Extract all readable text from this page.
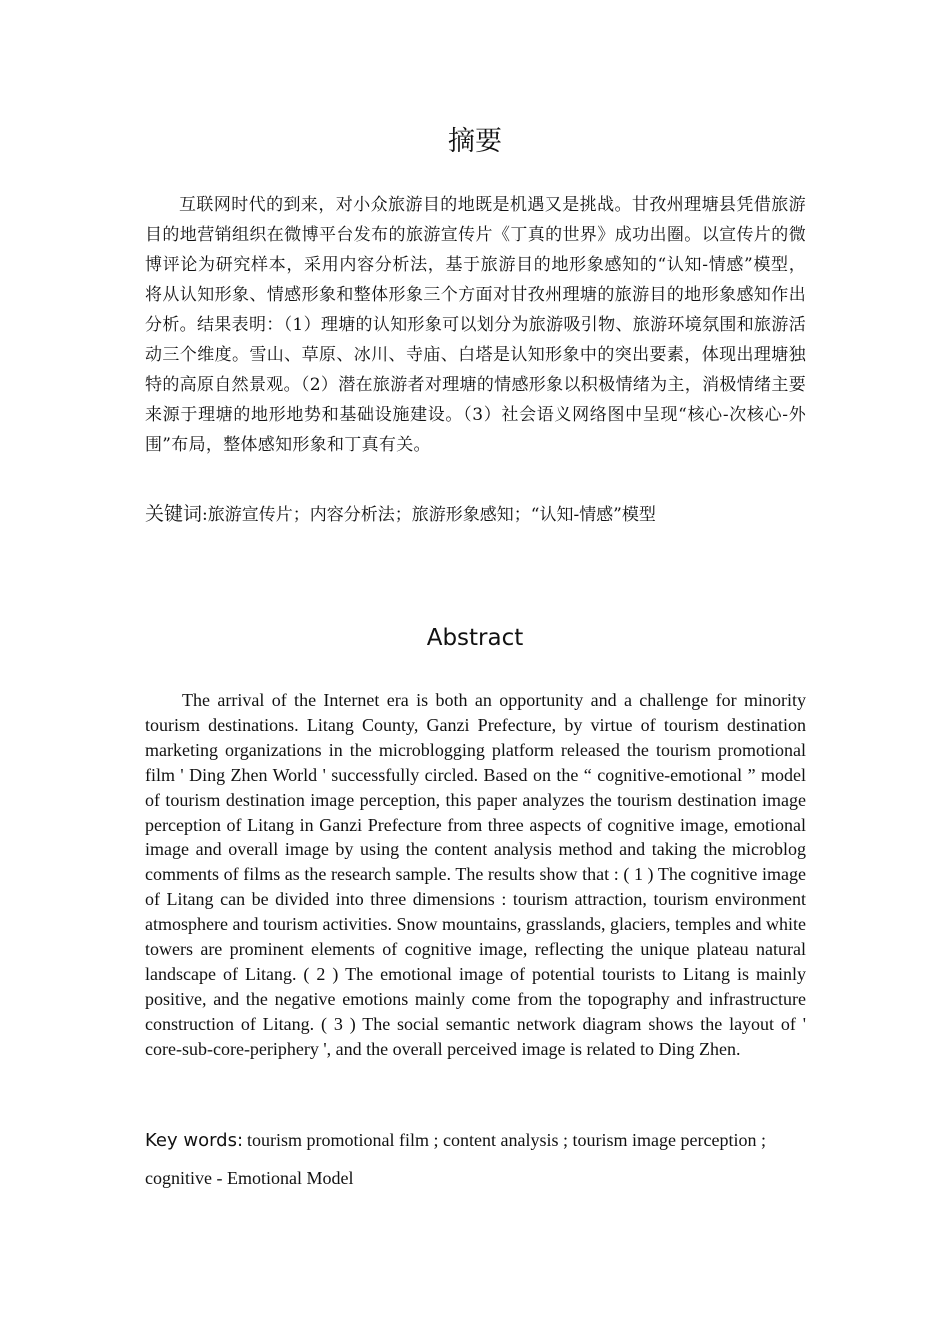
摘要

互联网时代的到来，对小众旅游目的地既是机遇又是挑战。甘孜州理塘县凭借旅游目的地营销组织在微博平台发布的旅游宣传片《丁真的世界》成功出圈。以宣传片的微博评论为研究样本，采用内容分析法，基于旅游目的地形象感知的“认知-情感”模型，将从认知形象、情感形象和整体形象三个方面对甘孜州理塘的旅游目的地形象感知作出分析。结果表明：（1）理塘的认知形象可以划分为旅游吸引物、旅游环境氛围和旅游活动三个维度。雪山、草原、冰川、寺庙、白塔是认知形象中的突出要素，体现出理塘独特的高原自然景观。（2）潜在旅游者对理塘的情感形象以积极情绪为主，消极情绪主要来源于理塘的地形地势和基础设施建设。（3）社会语义网络图中呈现“核心-次核心-外围”布局，整体感知形象和丁真有关。

关键词:旅游宣传片；内容分析法；旅游形象感知；“认知-情感”模型

Abstract

The arrival of the Internet era is both an opportunity and a challenge for minority tourism destinations. Litang County, Ganzi Prefecture, by virtue of tourism destination marketing organizations in the microblogging platform released the tourism promotional film ' Ding Zhen World ' successfully circled. Based on the “ cognitive-emotional ” model of tourism destination image perception, this paper analyzes the tourism destination image perception of Litang in Ganzi Prefecture from three aspects of cognitive image, emotional image and overall image by using the content analysis method and taking the microblog comments of films as the research sample. The results show that : ( 1 ) The cognitive image of Litang can be divided into three dimensions : tourism attraction, tourism environment atmosphere and tourism activities. Snow mountains, grasslands, glaciers, temples and white towers are prominent elements of cognitive image, reflecting the unique plateau natural landscape of Litang. ( 2 ) The emotional image of potential tourists to Litang is mainly positive, and the negative emotions mainly come from the topography and infrastructure construction of Litang. ( 3 ) The social semantic network diagram shows the layout of ' core-sub-core-periphery ', and the overall perceived image is related to Ding Zhen.

Key words: tourism promotional film ; content analysis ; tourism image perception ; cognitive - Emotional Model
